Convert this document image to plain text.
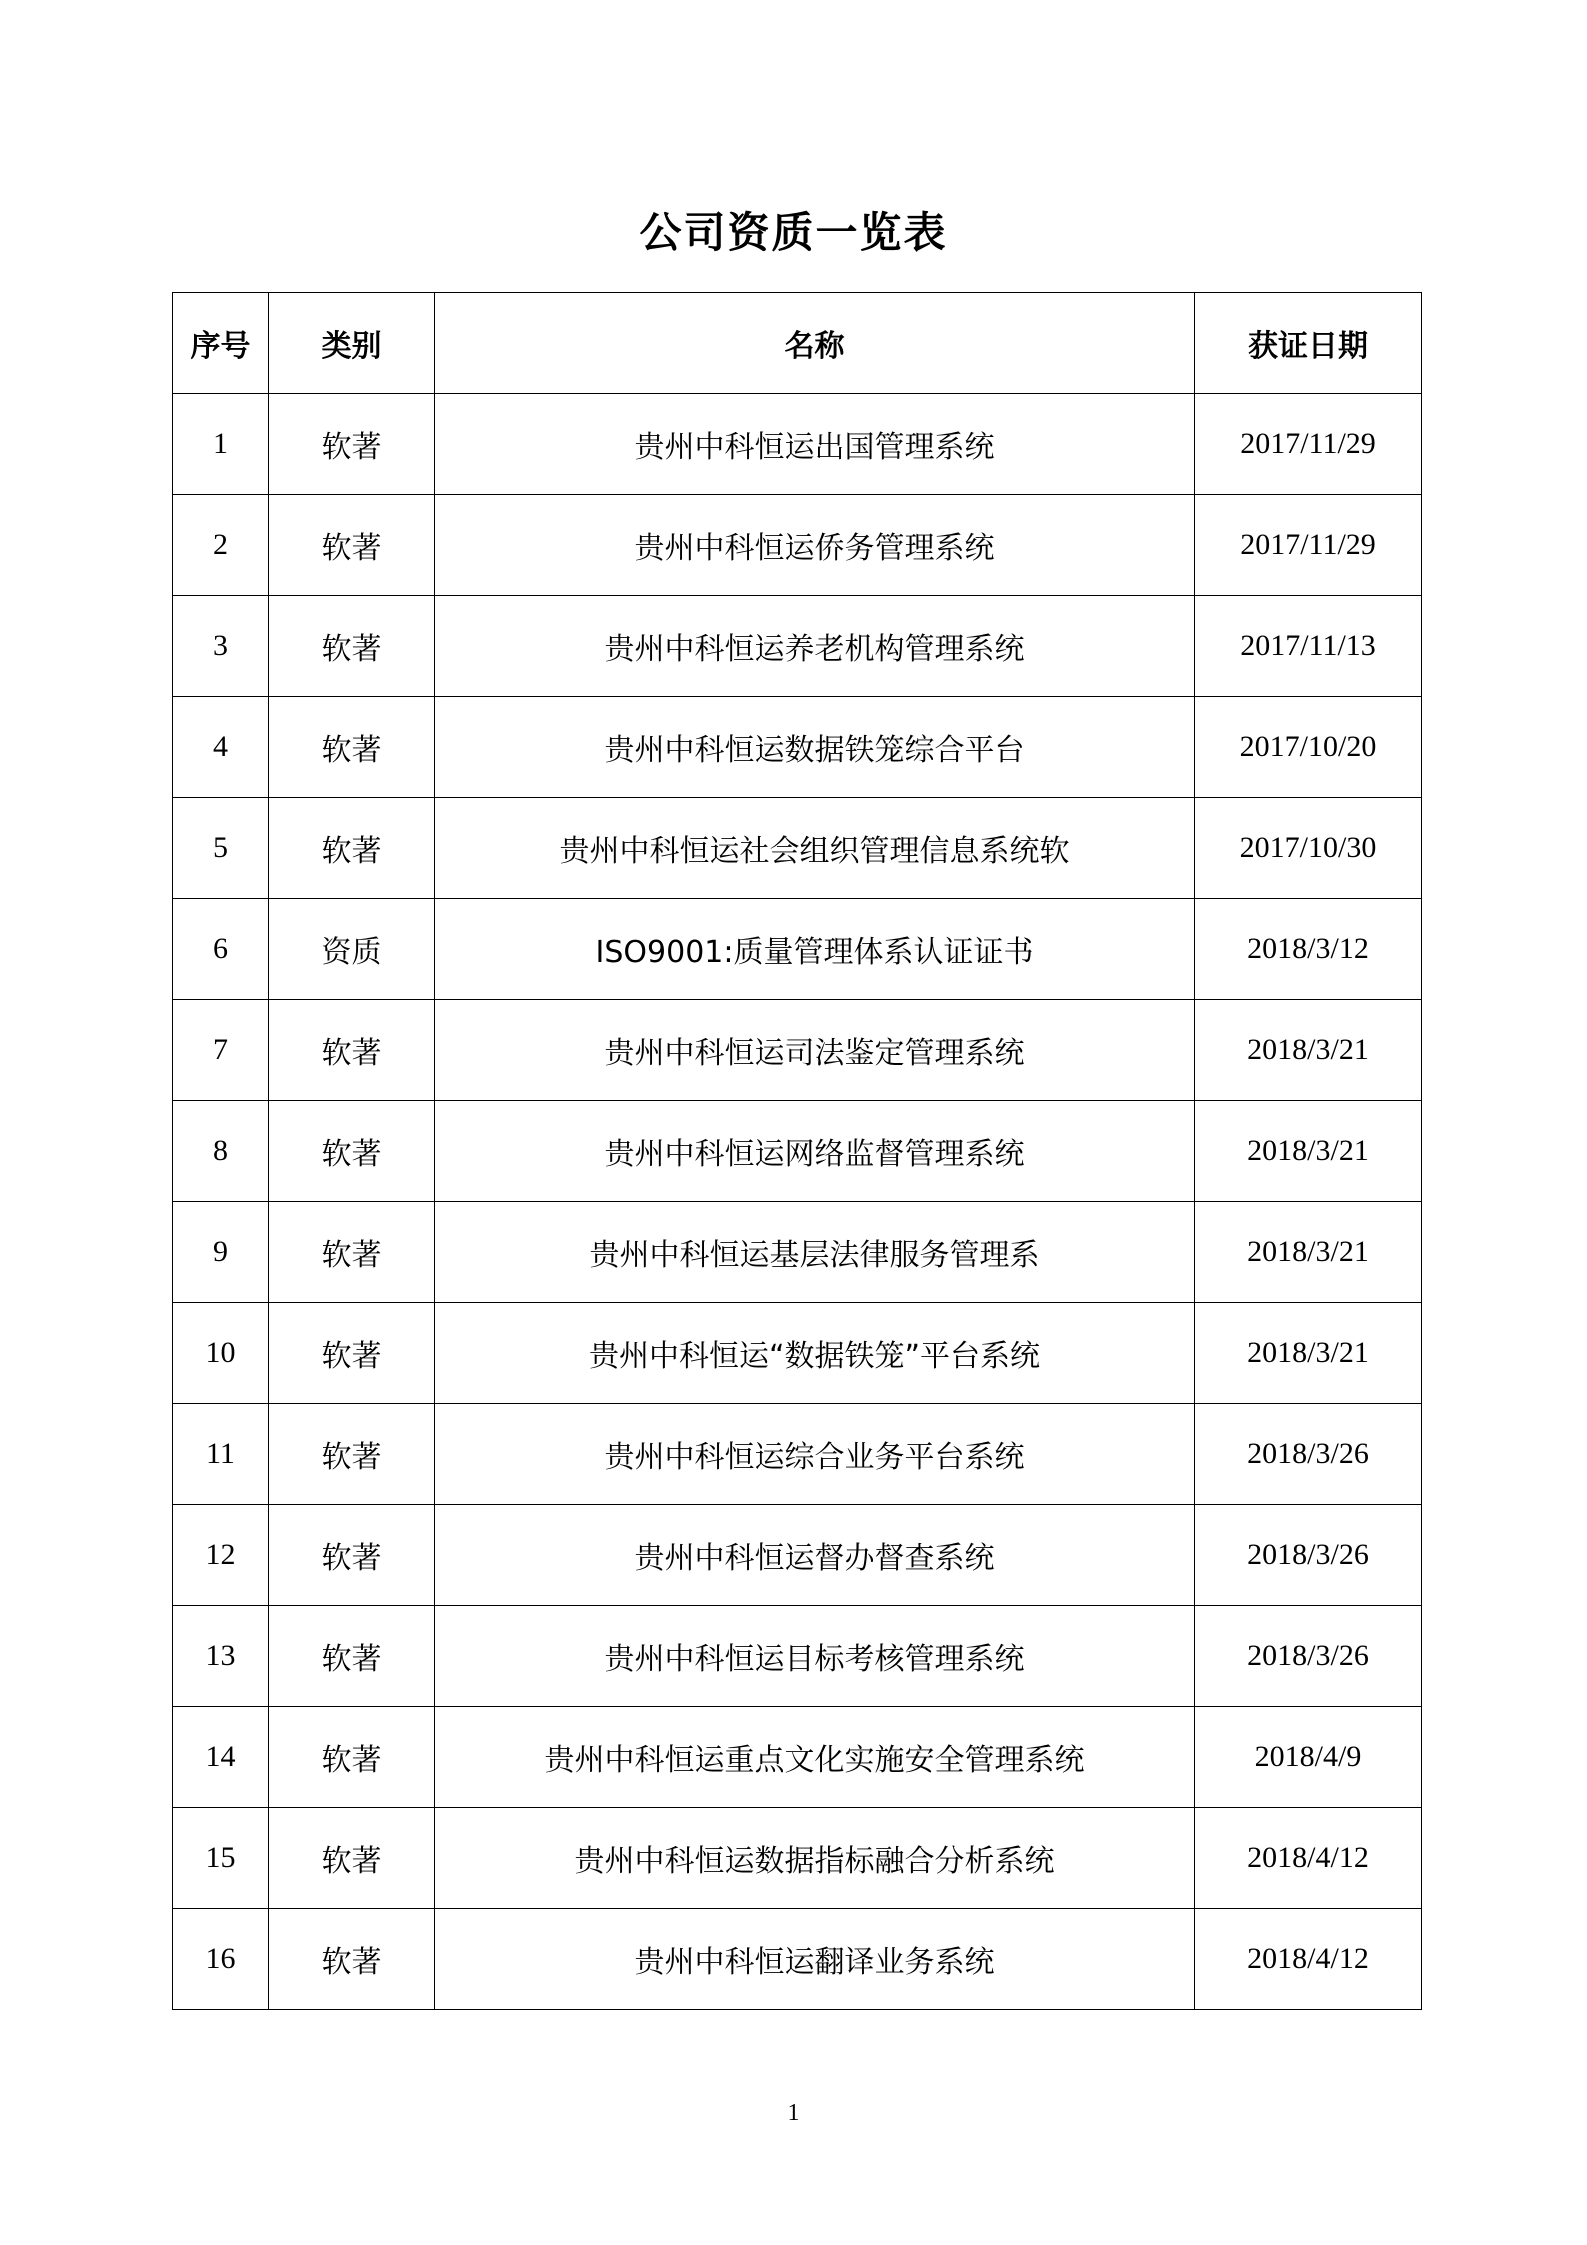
公司资质一览表
序号	类别	名称	获证日期
1	软著	贵州中科恒运出国管理系统	2017/11/29
2	软著	贵州中科恒运侨务管理系统	2017/11/29
3	软著	贵州中科恒运养老机构管理系统	2017/11/13
4	软著	贵州中科恒运数据铁笼综合平台	2017/10/20
5	软著	贵州中科恒运社会组织管理信息系统软	2017/10/30
6	资质	ISO9001:质量管理体系认证证书	2018/3/12
7	软著	贵州中科恒运司法鉴定管理系统	2018/3/21
8	软著	贵州中科恒运网络监督管理系统	2018/3/21
9	软著	贵州中科恒运基层法律服务管理系	2018/3/21
10	软著	贵州中科恒运“数据铁笼”平台系统	2018/3/21
11	软著	贵州中科恒运综合业务平台系统	2018/3/26
12	软著	贵州中科恒运督办督查系统	2018/3/26
13	软著	贵州中科恒运目标考核管理系统	2018/3/26
14	软著	贵州中科恒运重点文化实施安全管理系统	2018/4/9
15	软著	贵州中科恒运数据指标融合分析系统	2018/4/12
16	软著	贵州中科恒运翻译业务系统	2018/4/12
1
